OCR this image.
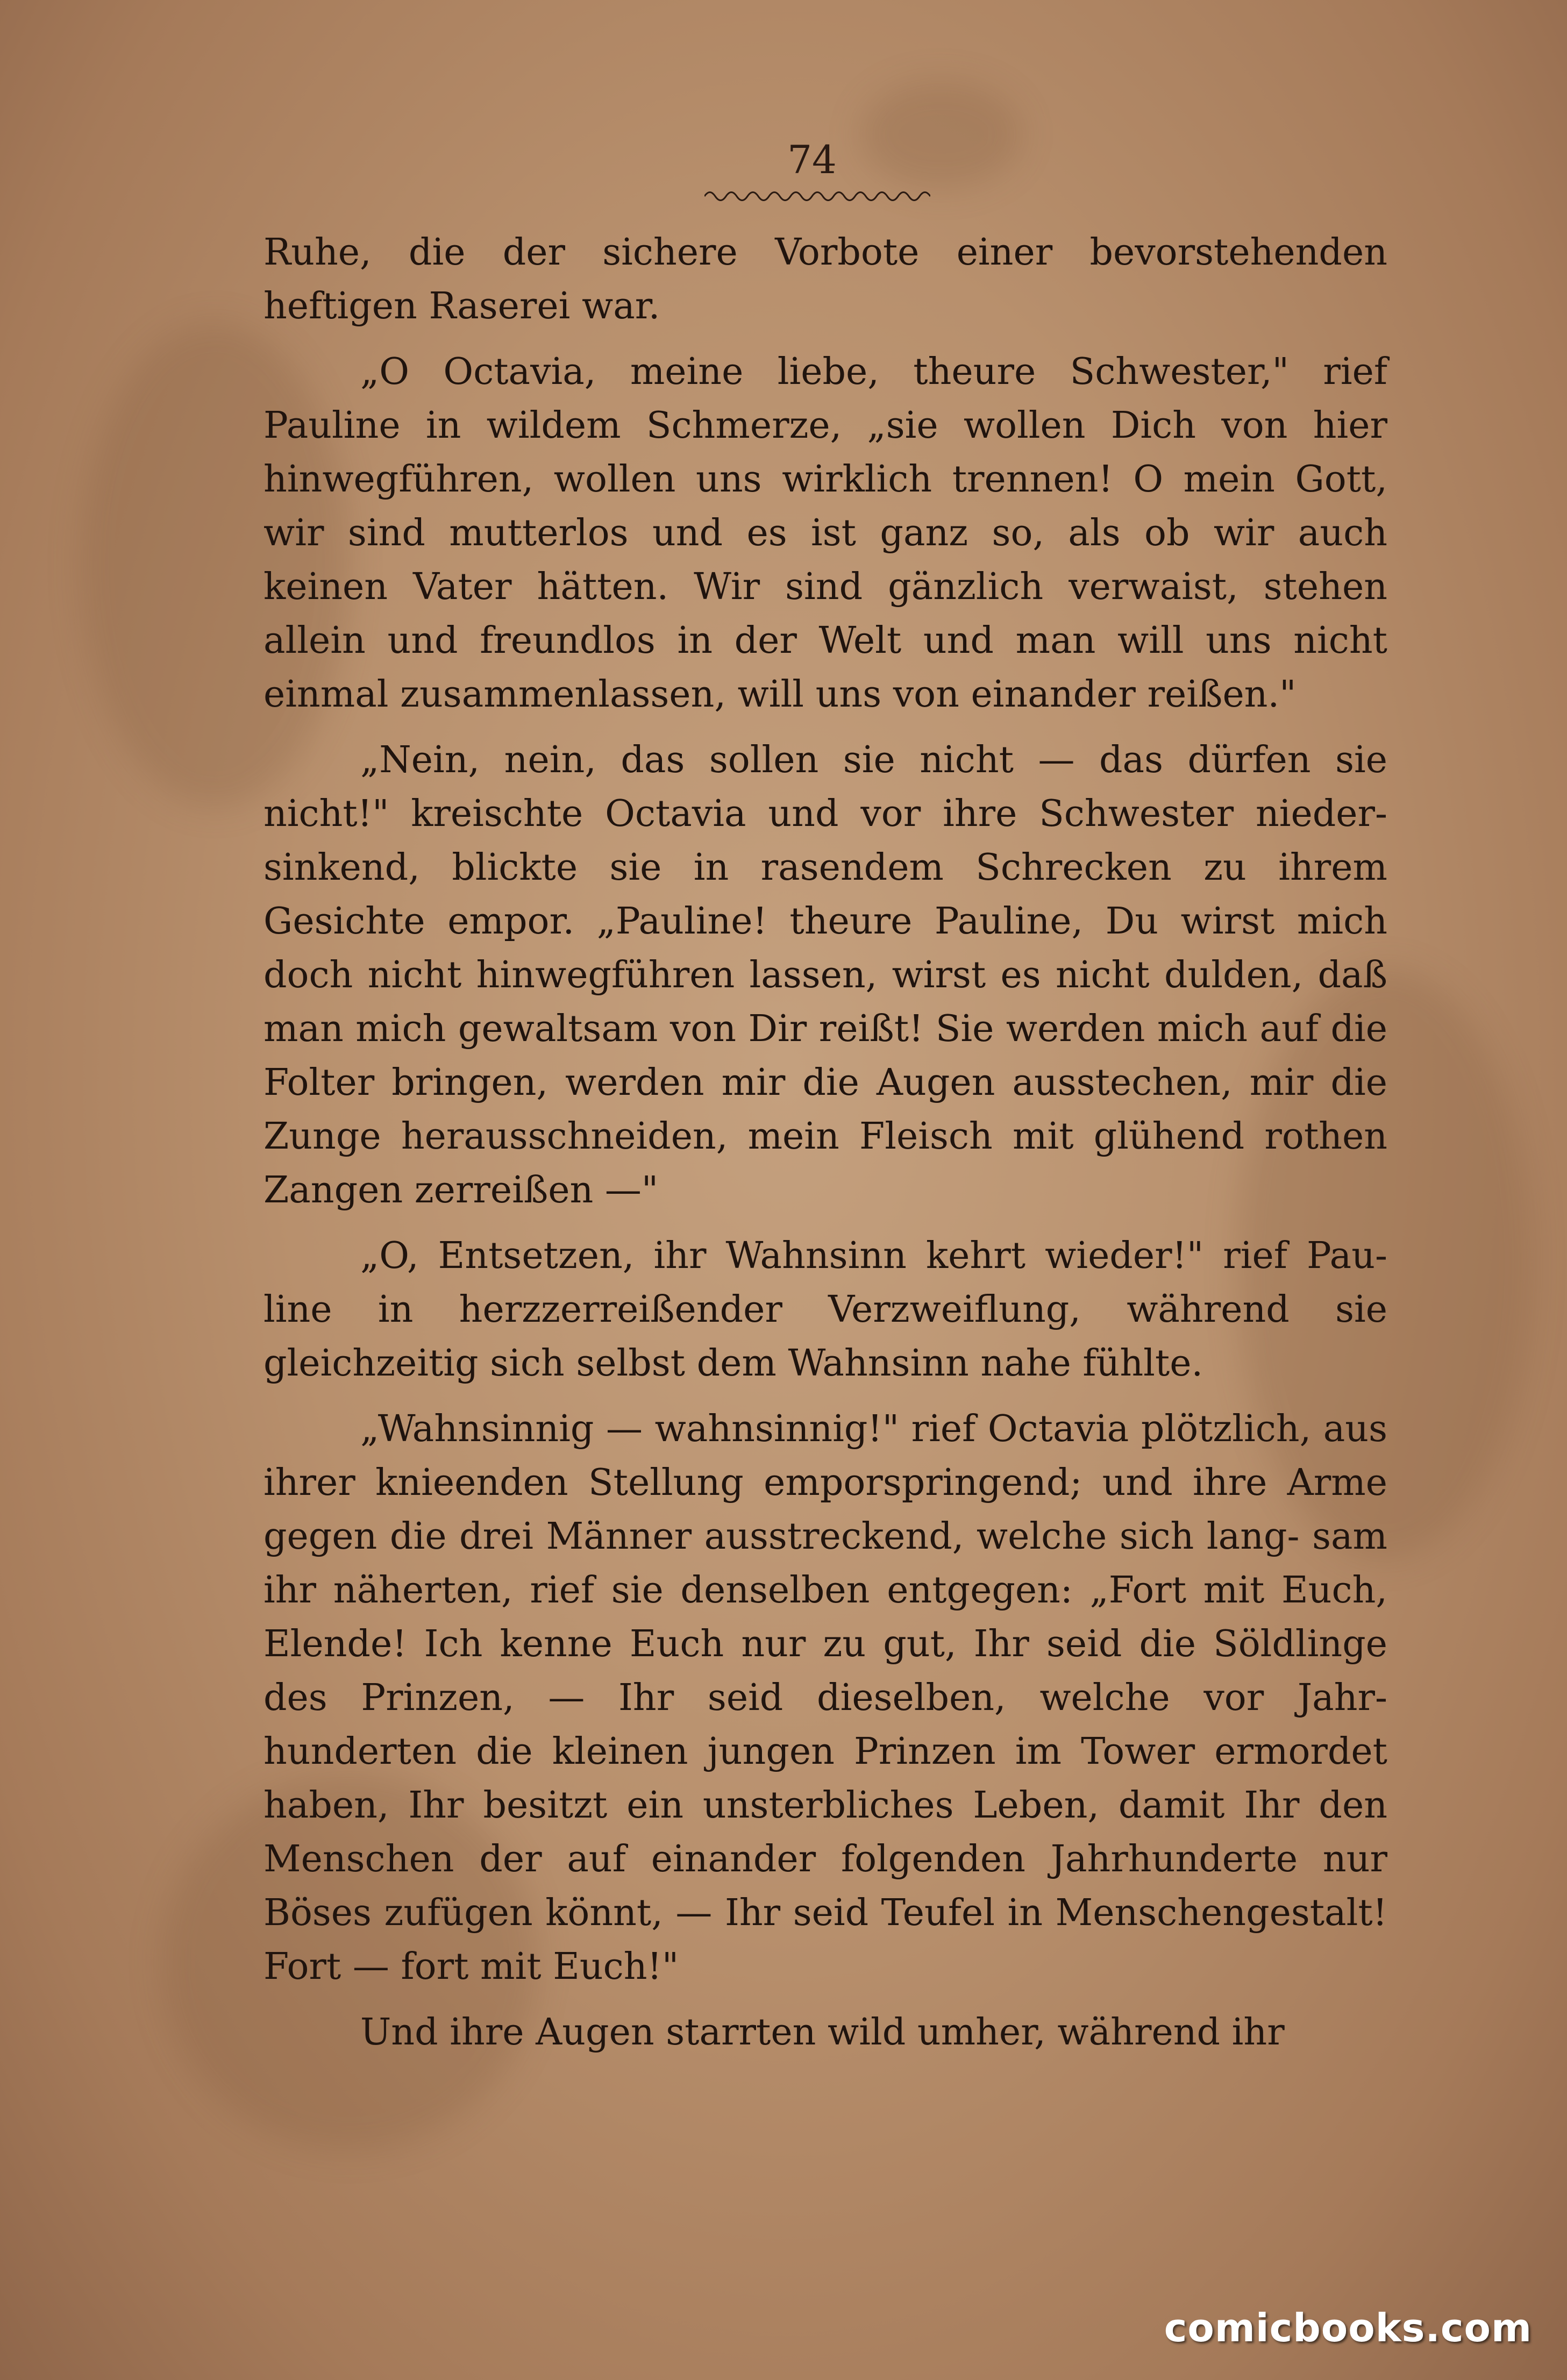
74

Ruhe, die der sichere Vorbote einer bevorstehenden heftigen Raserei war.

„O Octavia, meine liebe, theure Schwester," rief Pauline in wildem Schmerze, „sie wollen Dich von hier hinwegführen, wollen uns wirklich trennen! O mein Gott, wir sind mutterlos und es ist ganz so, als ob wir auch keinen Vater hätten. Wir sind gänzlich verwaist, stehen allein und freundlos in der Welt und man will uns nicht einmal zusammenlassen, will uns von einander reißen."

„Nein, nein, das sollen sie nicht — das dürfen sie nicht!" kreischte Octavia und vor ihre Schwester nieder- sinkend, blickte sie in rasendem Schrecken zu ihrem Gesichte empor. „Pauline! theure Pauline, Du wirst mich doch nicht hinwegführen lassen, wirst es nicht dulden, daß man mich gewaltsam von Dir reißt! Sie werden mich auf die Folter bringen, werden mir die Augen ausstechen, mir die Zunge herausschneiden, mein Fleisch mit glühend rothen Zangen zerreißen —"

„O, Entsetzen, ihr Wahnsinn kehrt wieder!" rief Pau- line in herzzerreißender Verzweiflung, während sie gleichzeitig sich selbst dem Wahnsinn nahe fühlte.

„Wahnsinnig — wahnsinnig!" rief Octavia plötzlich, aus ihrer knieenden Stellung emporspringend; und ihre Arme gegen die drei Männer ausstreckend, welche sich lang- sam ihr näherten, rief sie denselben entgegen: „Fort mit Euch, Elende! Ich kenne Euch nur zu gut, Ihr seid die Söldlinge des Prinzen, — Ihr seid dieselben, welche vor Jahr- hunderten die kleinen jungen Prinzen im Tower ermordet haben, Ihr besitzt ein unsterbliches Leben, damit Ihr den Menschen der auf einander folgenden Jahrhunderte nur Böses zufügen könnt, — Ihr seid Teufel in Menschengestalt! Fort — fort mit Euch!"

Und ihre Augen starrten wild umher, während ihr

comicbooks.com
